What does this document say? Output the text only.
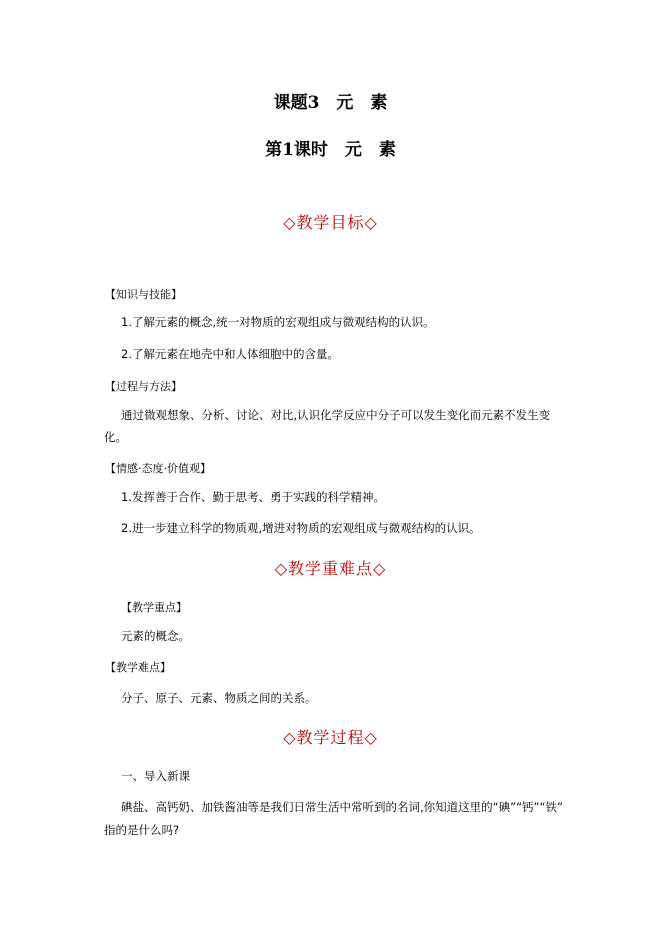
课题3　元　素
第1课时　元　素
◇教学目标◇
【知识与技能】
1.了解元素的概念,统一对物质的宏观组成与微观结构的认识。
2.了解元素在地壳中和人体细胞中的含量。
【过程与方法】
通过微观想象、分析、讨论、对比,认识化学反应中分子可以发生变化而元素不发生变
化。
【情感·态度·价值观】
1.发挥善于合作、勤于思考、勇于实践的科学精神。
2.进一步建立科学的物质观,增进对物质的宏观组成与微观结构的认识。
◇教学重难点◇
【教学重点】
元素的概念。
【教学难点】
分子、原子、元素、物质之间的关系。
◇教学过程◇
一、导入新课
碘盐、高钙奶、加铁酱油等是我们日常生活中常听到的名词,你知道这里的“碘”“钙”“铁”
指的是什么吗?
